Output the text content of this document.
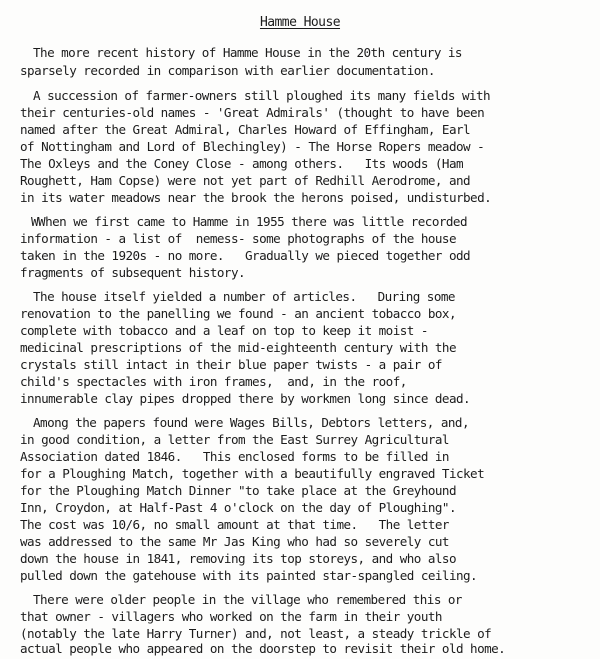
Hamme House
The more recent history of Hamme House in the 20th century is
sparsely recorded in comparison with earlier documentation.
A succession of farmer-owners still ploughed its many fields with
their centuries-old names - 'Great Admirals' (thought to have been
named after the Great Admiral, Charles Howard of Effingham, Earl
of Nottingham and Lord of Blechingley) - The Horse Ropers meadow -
The Oxleys and the Coney Close - among others.   Its woods (Ham
Roughett, Ham Copse) were not yet part of Redhill Aerodrome, and
in its water meadows near the brook the herons poised, undisturbed.
WWhen we first came to Hamme in 1955 there was little recorded
information - a list of  nemess- some photographs of the house
taken in the 1920s - no more.   Gradually we pieced together odd
fragments of subsequent history.
The house itself yielded a number of articles.   During some
renovation to the panelling we found - an ancient tobacco box,
complete with tobacco and a leaf on top to keep it moist -
medicinal prescriptions of the mid-eighteenth century with the
crystals still intact in their blue paper twists - a pair of
child's spectacles with iron frames,  and, in the roof,
innumerable clay pipes dropped there by workmen long since dead.
Among the papers found were Wages Bills, Debtors letters, and,
in good condition, a letter from the East Surrey Agricultural
Association dated 1846.   This enclosed forms to be filled in
for a Ploughing Match, together with a beautifully engraved Ticket
for the Ploughing Match Dinner "to take place at the Greyhound
Inn, Croydon, at Half-Past 4 o'clock on the day of Ploughing".
The cost was 10/6, no small amount at that time.   The letter
was addressed to the same Mr Jas King who had so severely cut
down the house in 1841, removing its top storeys, and who also
pulled down the gatehouse with its painted star-spangled ceiling.
There were older people in the village who remembered this or
that owner - villagers who worked on the farm in their youth
(notably the late Harry Turner) and, not least, a steady trickle of
actual people who appeared on the doorstep to revisit their old home.
